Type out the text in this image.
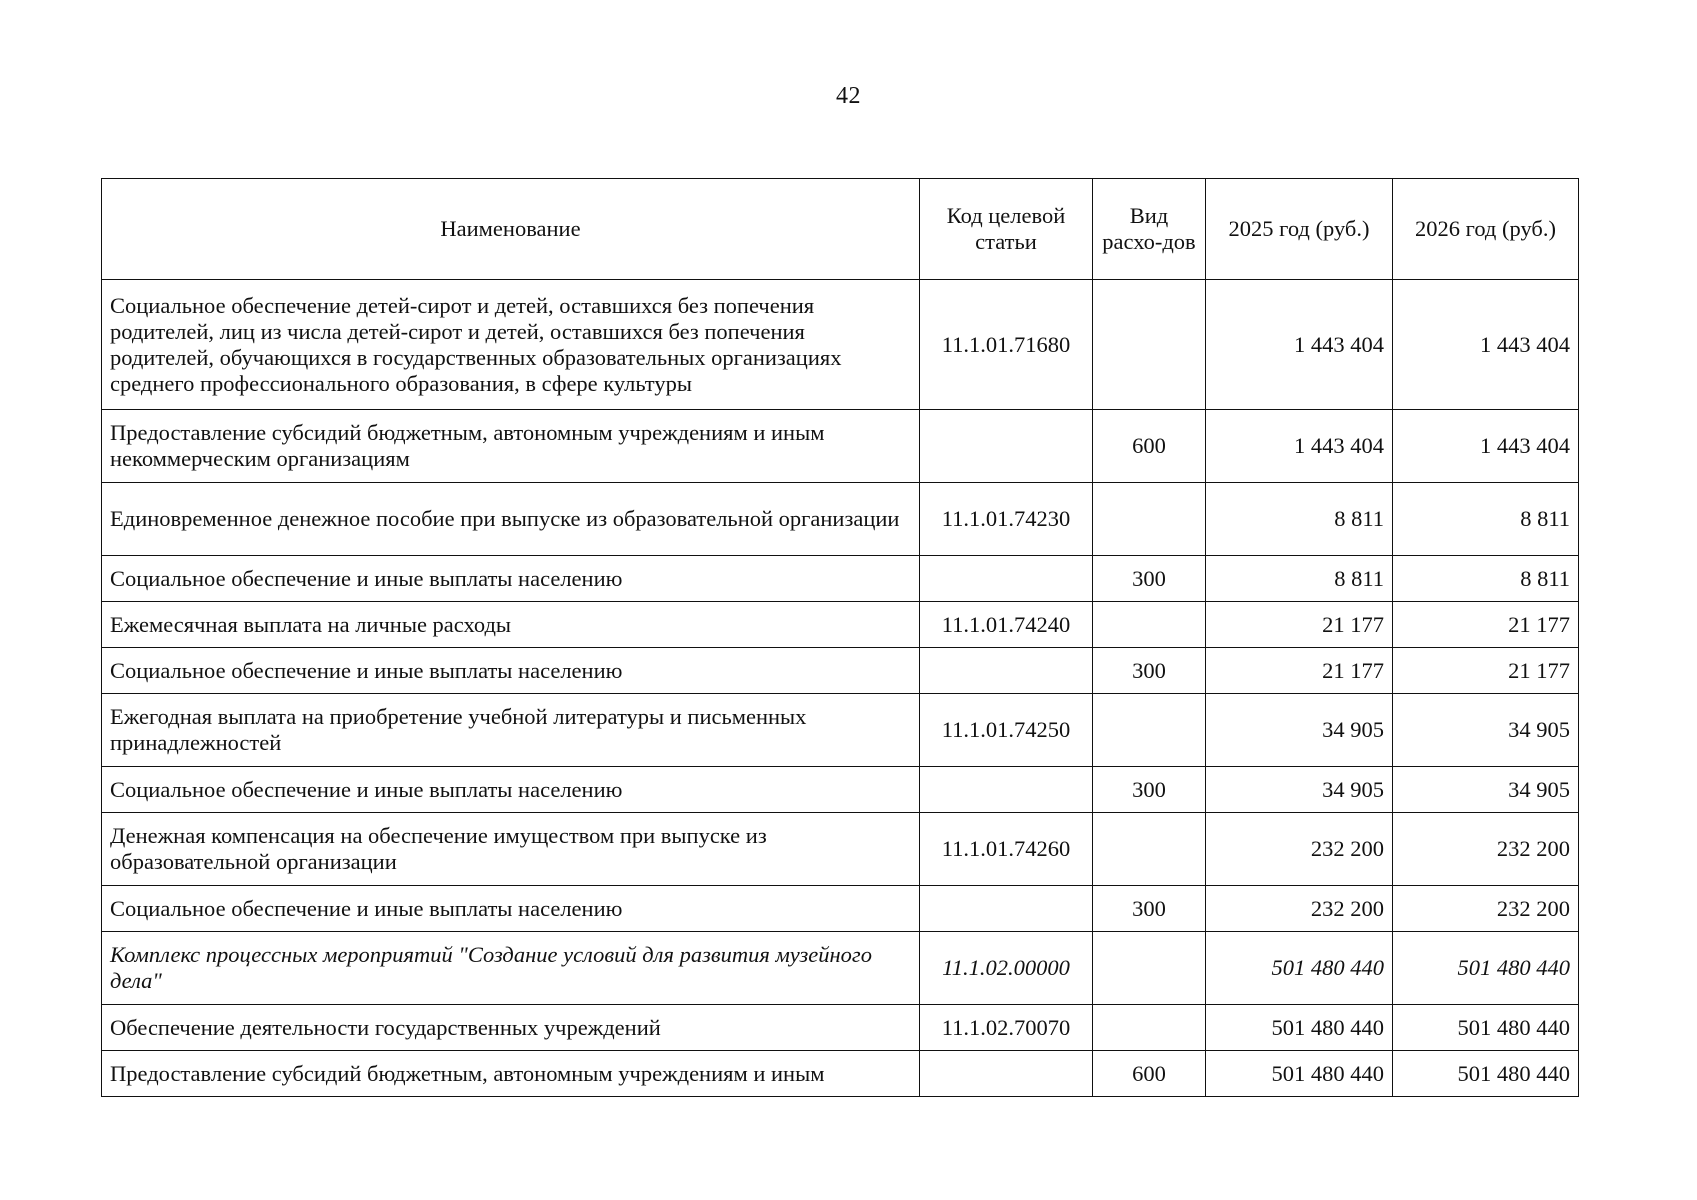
42
Наименование	Код целевой статьи	Вид расхо-дов	2025 год (руб.)	2026 год (руб.)
Социальное обеспечение детей-сирот и детей, оставшихся без попечения родителей, лиц из числа детей-сирот и детей, оставшихся без попечения родителей, обучающихся в государственных образовательных организациях среднего профессионального образования, в сфере культуры	11.1.01.71680		1 443 404	1 443 404
Предоставление субсидий бюджетным, автономным учреждениям и иным некоммерческим организациям		600	1 443 404	1 443 404
Единовременное денежное пособие при выпуске из образовательной организации	11.1.01.74230		8 811	8 811
Социальное обеспечение и иные выплаты населению		300	8 811	8 811
Ежемесячная выплата на личные расходы	11.1.01.74240		21 177	21 177
Социальное обеспечение и иные выплаты населению		300	21 177	21 177
Ежегодная выплата на приобретение учебной литературы и письменных принадлежностей	11.1.01.74250		34 905	34 905
Социальное обеспечение и иные выплаты населению		300	34 905	34 905
Денежная компенсация на обеспечение имуществом при выпуске из образовательной организации	11.1.01.74260		232 200	232 200
Социальное обеспечение и иные выплаты населению		300	232 200	232 200
Комплекс процессных мероприятий "Создание условий для развития музейного дела"	11.1.02.00000		501 480 440	501 480 440
Обеспечение деятельности государственных учреждений	11.1.02.70070		501 480 440	501 480 440
Предоставление субсидий бюджетным, автономным учреждениям и иным		600	501 480 440	501 480 440
